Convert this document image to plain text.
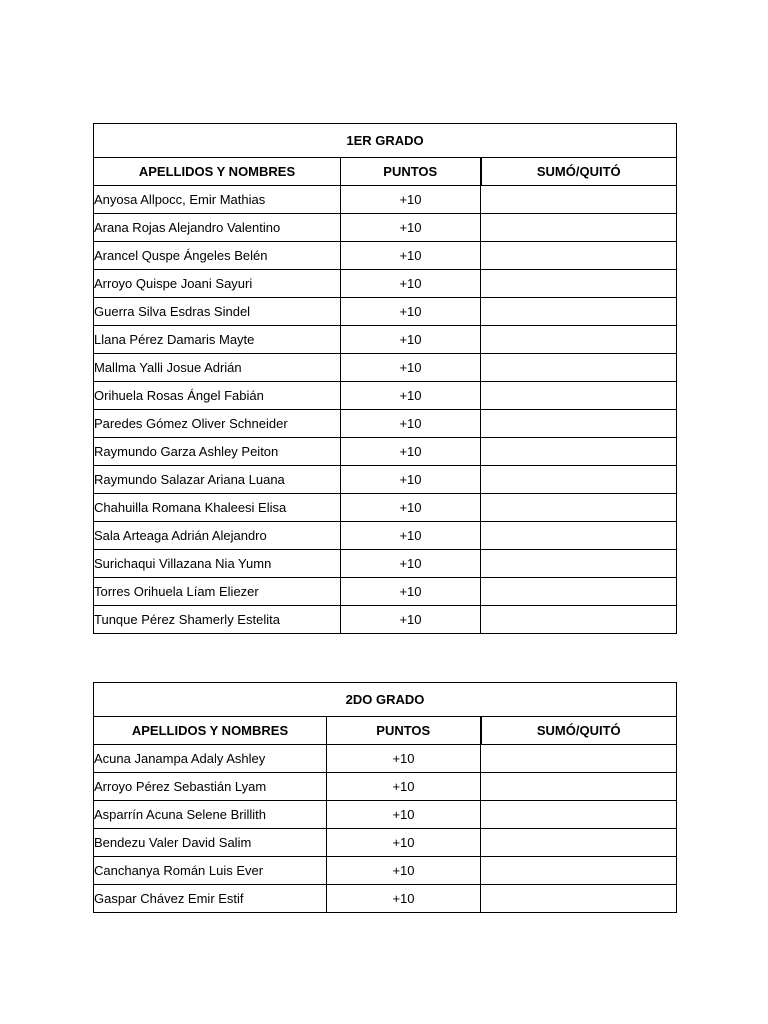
1ER GRADO		
APELLIDOS Y NOMBRES	PUNTOS	SUMÓ/QUITÓ
Anyosa Allpocc, Emir Mathias	+10	
Arana Rojas Alejandro Valentino	+10	
Arancel Quspe Ángeles Belén	+10	
Arroyo Quispe Joani Sayuri	+10	
Guerra Silva Esdras Sindel	+10	
Llana Pérez Damaris Mayte	+10	
Mallma Yalli Josue Adrián	+10	
Orihuela Rosas Ángel Fabián	+10	
Paredes Gómez Oliver Schneider	+10	
Raymundo Garza Ashley Peiton	+10	
Raymundo Salazar Ariana Luana	+10	
Chahuilla Romana Khaleesi Elisa	+10	
Sala Arteaga Adrián Alejandro	+10	
Surichaqui Villazana Nia Yumn	+10	
Torres Orihuela Líam Eliezer	+10	
Tunque Pérez Shamerly Estelita	+10	
2DO GRADO		
APELLIDOS Y NOMBRES	PUNTOS	SUMÓ/QUITÓ
Acuna Janampa Adaly Ashley	+10	
Arroyo Pérez Sebastián Lyam	+10	
Asparrín Acuna Selene Brillith	+10	
Bendezu Valer David Salim	+10	
Canchanya Román Luis Ever	+10	
Gaspar Chávez Emir Estif	+10	
